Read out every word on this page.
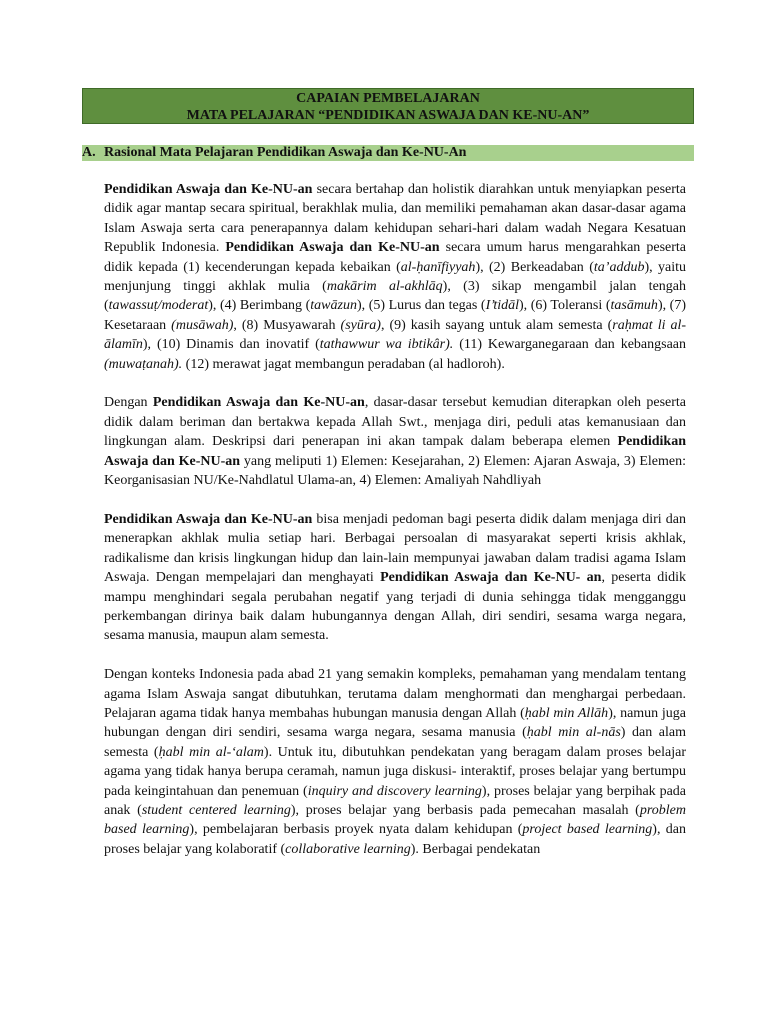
CAPAIAN PEMBELAJARAN
MATA PELAJARAN “PENDIDIKAN ASWAJA DAN KE-NU-AN”
A. Rasional Mata Pelajaran Pendidikan Aswaja dan Ke-NU-An

Pendidikan Aswaja dan Ke-NU-an secara bertahap dan holistik diarahkan untuk menyiapkan peserta didik agar mantap secara spiritual, berakhlak mulia, dan memiliki pemahaman akan dasar-dasar agama Islam Aswaja serta cara penerapannya dalam kehidupan sehari-hari dalam wadah Negara Kesatuan Republik Indonesia. Pendidikan Aswaja dan Ke-NU-an secara umum harus mengarahkan peserta didik kepada (1) kecenderungan kepada kebaikan (al-ḥanīfiyyah), (2) Berkeadaban (ta’addub), yaitu menjunjung tinggi akhlak mulia (makārim al-akhlāq), (3) sikap mengambil jalan tengah (tawassuṭ/moderat), (4) Berimbang (tawāzun), (5) Lurus dan tegas (I’tidāl), (6) Toleransi (tasāmuh), (7) Kesetaraan (musāwah), (8) Musyawarah (syūra), (9) kasih sayang untuk alam semesta (raḥmat li al-ālamīn), (10) Dinamis dan inovatif (tathawwur wa ibtikâr). (11) Kewarganegaraan dan kebangsaan (muwaṭanah). (12) merawat jagat membangun peradaban (al hadloroh).

Dengan Pendidikan Aswaja dan Ke-NU-an, dasar-dasar tersebut kemudian diterapkan oleh peserta didik dalam beriman dan bertakwa kepada Allah Swt., menjaga diri, peduli atas kemanusiaan dan lingkungan alam. Deskripsi dari penerapan ini akan tampak dalam beberapa elemen Pendidikan Aswaja dan Ke-NU-an yang meliputi 1) Elemen: Kesejarahan, 2) Elemen: Ajaran Aswaja, 3) Elemen: Keorganisasian NU/Ke-Nahdlatul Ulama-an, 4) Elemen: Amaliyah Nahdliyah

Pendidikan Aswaja dan Ke-NU-an bisa menjadi pedoman bagi peserta didik dalam menjaga diri dan menerapkan akhlak mulia setiap hari. Berbagai persoalan di masyarakat seperti krisis akhlak, radikalisme dan krisis lingkungan hidup dan lain-lain mempunyai jawaban dalam tradisi agama Islam Aswaja. Dengan mempelajari dan menghayati Pendidikan Aswaja dan Ke-NU- an, peserta didik mampu menghindari segala perubahan negatif yang terjadi di dunia sehingga tidak mengganggu perkembangan dirinya baik dalam hubungannya dengan Allah, diri sendiri, sesama warga negara, sesama manusia, maupun alam semesta.

Dengan konteks Indonesia pada abad 21 yang semakin kompleks, pemahaman yang mendalam tentang agama Islam Aswaja sangat dibutuhkan, terutama dalam menghormati dan menghargai perbedaan. Pelajaran agama tidak hanya membahas hubungan manusia dengan Allah (ḥabl min Allāh), namun juga hubungan dengan diri sendiri, sesama warga negara, sesama manusia (ḥabl min al-nās) dan alam semesta (ḥabl min al-‘alam). Untuk itu, dibutuhkan pendekatan yang beragam dalam proses belajar agama yang tidak hanya berupa ceramah, namun juga diskusi- interaktif, proses belajar yang bertumpu pada keingintahuan dan penemuan (inquiry and discovery learning), proses belajar yang berpihak pada anak (student centered learning), proses belajar yang berbasis pada pemecahan masalah (problem based learning), pembelajaran berbasis proyek nyata dalam kehidupan (project based learning), dan proses belajar yang kolaboratif (collaborative learning). Berbagai pendekatan
